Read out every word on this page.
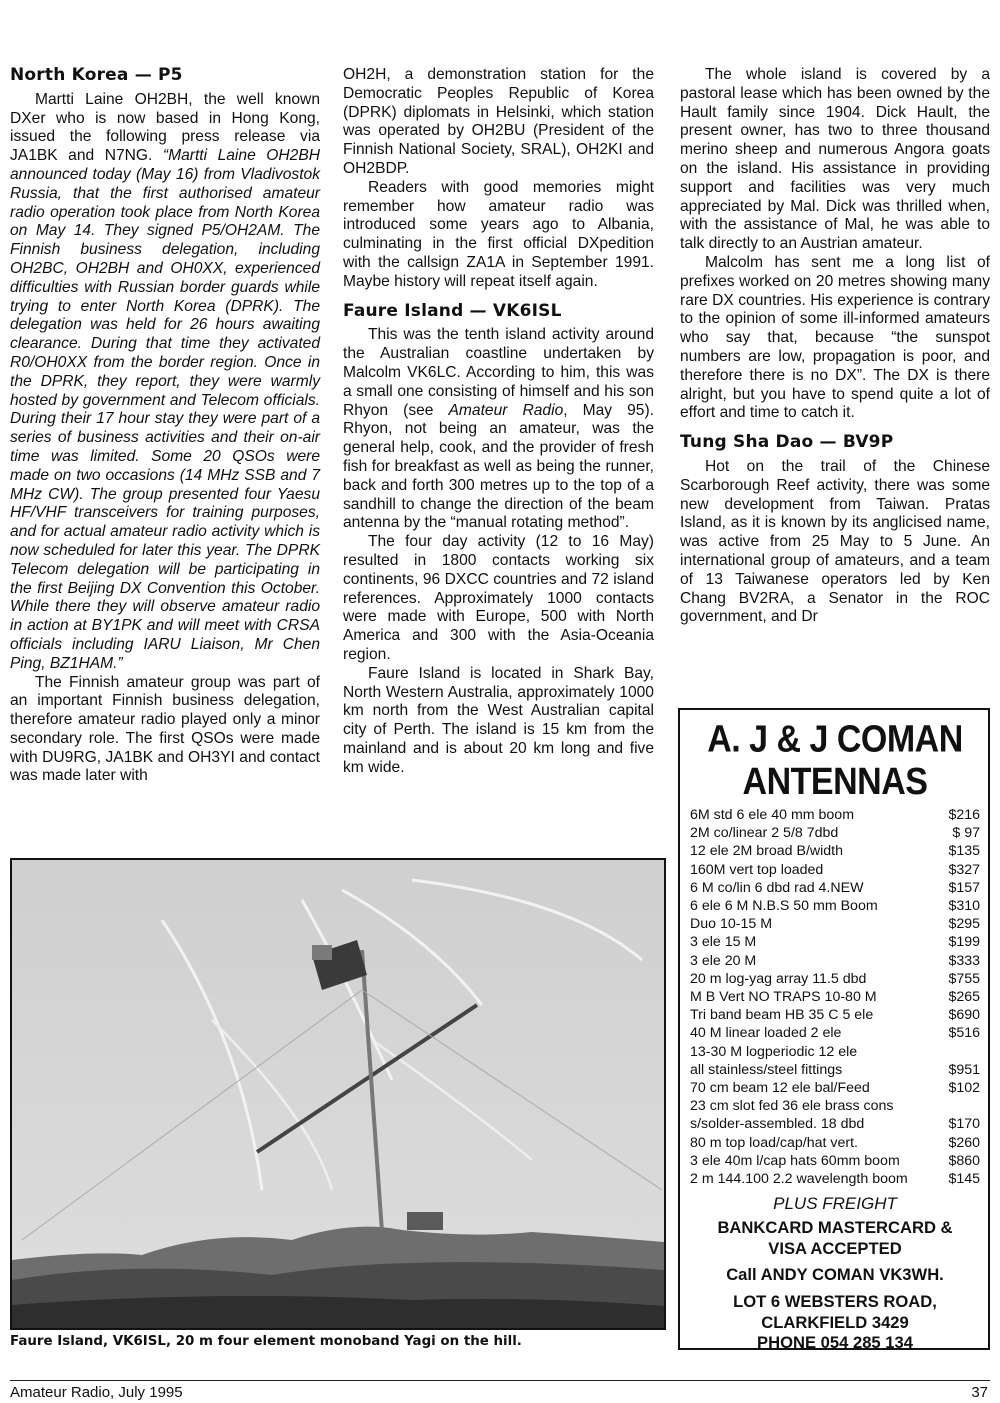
North Korea — P5

Martti Laine OH2BH, the well known DXer who is now based in Hong Kong, issued the following press release via JA1BK and N7NG. “Martti Laine OH2BH announced today (May 16) from Vladivostok Russia, that the first authorised amateur radio operation took place from North Korea on May 14. They signed P5/OH2AM. The Finnish business delegation, including OH2BC, OH2BH and OH0XX, experienced difficulties with Russian border guards while trying to enter North Korea (DPRK). The delegation was held for 26 hours awaiting clearance. During that time they activated R0/OH0XX from the border region. Once in the DPRK, they report, they were warmly hosted by government and Telecom officials. During their 17 hour stay they were part of a series of business activities and their on-air time was limited. Some 20 QSOs were made on two occasions (14 MHz SSB and 7 MHz CW). The group presented four Yaesu HF/VHF transceivers for training purposes, and for actual amateur radio activity which is now scheduled for later this year. The DPRK Telecom delegation will be participating in the first Beijing DX Convention this October. While there they will observe amateur radio in action at BY1PK and will meet with CRSA officials including IARU Liaison, Mr Chen Ping, BZ1HAM.”

The Finnish amateur group was part of an important Finnish business delegation, therefore amateur radio played only a minor secondary role. The first QSOs were made with DU9RG, JA1BK and OH3YI and contact was made later with

OH2H, a demonstration station for the Democratic Peoples Republic of Korea (DPRK) diplomats in Helsinki, which station was operated by OH2BU (President of the Finnish National Society, SRAL), OH2KI and OH2BDP.

Readers with good memories might remember how amateur radio was introduced some years ago to Albania, culminating in the first official DXpedition with the callsign ZA1A in September 1991. Maybe history will repeat itself again.

Faure Island — VK6ISL

This was the tenth island activity around the Australian coastline undertaken by Malcolm VK6LC. According to him, this was a small one consisting of himself and his son Rhyon (see Amateur Radio, May 95). Rhyon, not being an amateur, was the general help, cook, and the provider of fresh fish for breakfast as well as being the runner, back and forth 300 metres up to the top of a sandhill to change the direction of the beam antenna by the “manual rotating method”.

The four day activity (12 to 16 May) resulted in 1800 contacts working six continents, 96 DXCC countries and 72 island references. Approximately 1000 contacts were made with Europe, 500 with North America and 300 with the Asia-Oceania region.

Faure Island is located in Shark Bay, North Western Australia, approximately 1000 km north from the West Australian capital city of Perth. The island is 15 km from the mainland and is about 20 km long and five km wide.

The whole island is covered by a pastoral lease which has been owned by the Hault family since 1904. Dick Hault, the present owner, has two to three thousand merino sheep and numerous Angora goats on the island. His assistance in providing support and facilities was very much appreciated by Mal. Dick was thrilled when, with the assistance of Mal, he was able to talk directly to an Austrian amateur.

Malcolm has sent me a long list of prefixes worked on 20 metres showing many rare DX countries. His experience is contrary to the opinion of some ill-informed amateurs who say that, because “the sunspot numbers are low, propagation is poor, and therefore there is no DX”. The DX is there alright, but you have to spend quite a lot of effort and time to catch it.

Tung Sha Dao — BV9P

Hot on the trail of the Chinese Scarborough Reef activity, there was some new development from Taiwan. Pratas Island, as it is known by its anglicised name, was active from 25 May to 5 June. An international group of amateurs, and a team of 13 Taiwanese operators led by Ken Chang BV2RA, a Senator in the ROC government, and Dr

Faure Island, VK6ISL, 20 m four element monoband Yagi on the hill.
A. J & J COMAN
ANTENNAS
6M std 6 ele 40 mm boom	$216
2M co/linear 2 5/8 7dbd	$ 97
12 ele 2M broad B/width	$135
160M vert top loaded	$327
6 M co/lin 6 dbd rad 4.NEW	$157
6 ele 6 M N.B.S 50 mm Boom	$310
Duo 10-15 M	$295
3 ele 15 M	$199
3 ele 20 M	$333
20 m log-yag array 11.5 dbd	$755
M B Vert NO TRAPS 10-80 M	$265
Tri band beam HB 35 C 5 ele	$690
40 M linear loaded 2 ele	$516
13-30 M logperiodic 12 ele
all stainless/steel fittings	$951
70 cm beam 12 ele bal/Feed	$102
23 cm slot fed 36 ele brass cons
s/solder-assembled. 18 dbd	$170
80 m top load/cap/hat vert.	$260
3 ele 40m l/cap hats 60mm boom	$860
2 m 144.100 2.2 wavelength boom	$145
PLUS FREIGHT
BANKCARD MASTERCARD &
VISA ACCEPTED
Call ANDY COMAN VK3WH.
LOT 6 WEBSTERS ROAD,
CLARKFIELD 3429
PHONE 054 285 134
Amateur Radio, July 1995	37
